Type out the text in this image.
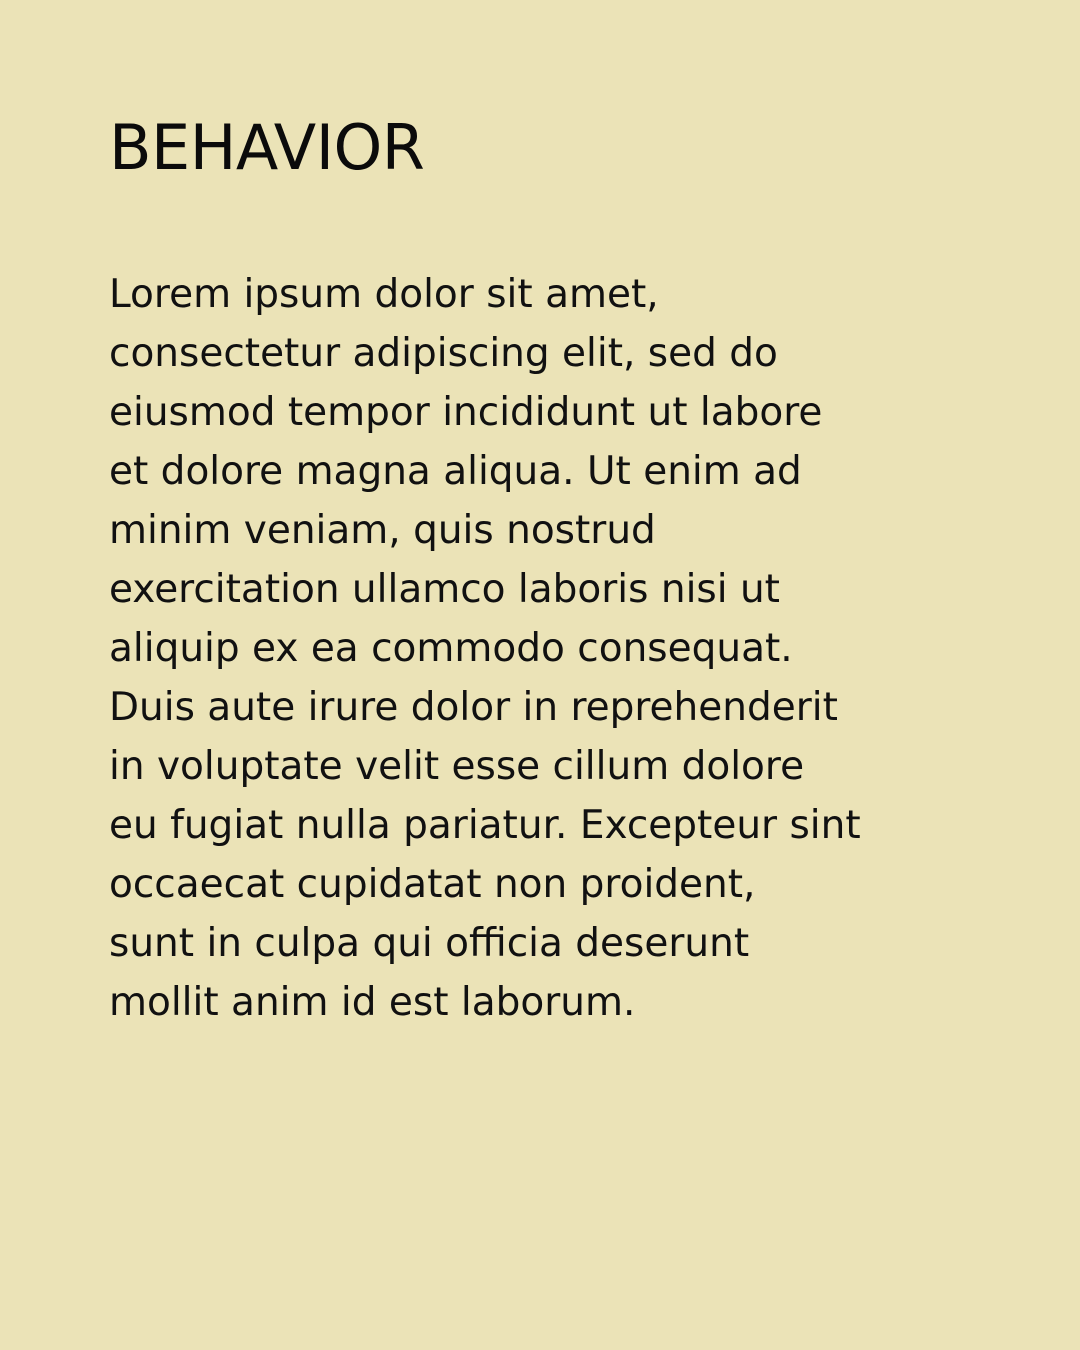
BEHAVIOR
Lorem ipsum dolor sit amet,
consectetur adipiscing elit, sed do
eiusmod tempor incididunt ut labore
et dolore magna aliqua. Ut enim ad
minim veniam, quis nostrud
exercitation ullamco laboris nisi ut
aliquip ex ea commodo consequat.
Duis aute irure dolor in reprehenderit
in voluptate velit esse cillum dolore
eu fugiat nulla pariatur. Excepteur sint
occaecat cupidatat non proident,
sunt in culpa qui officia deserunt
mollit anim id est laborum.
